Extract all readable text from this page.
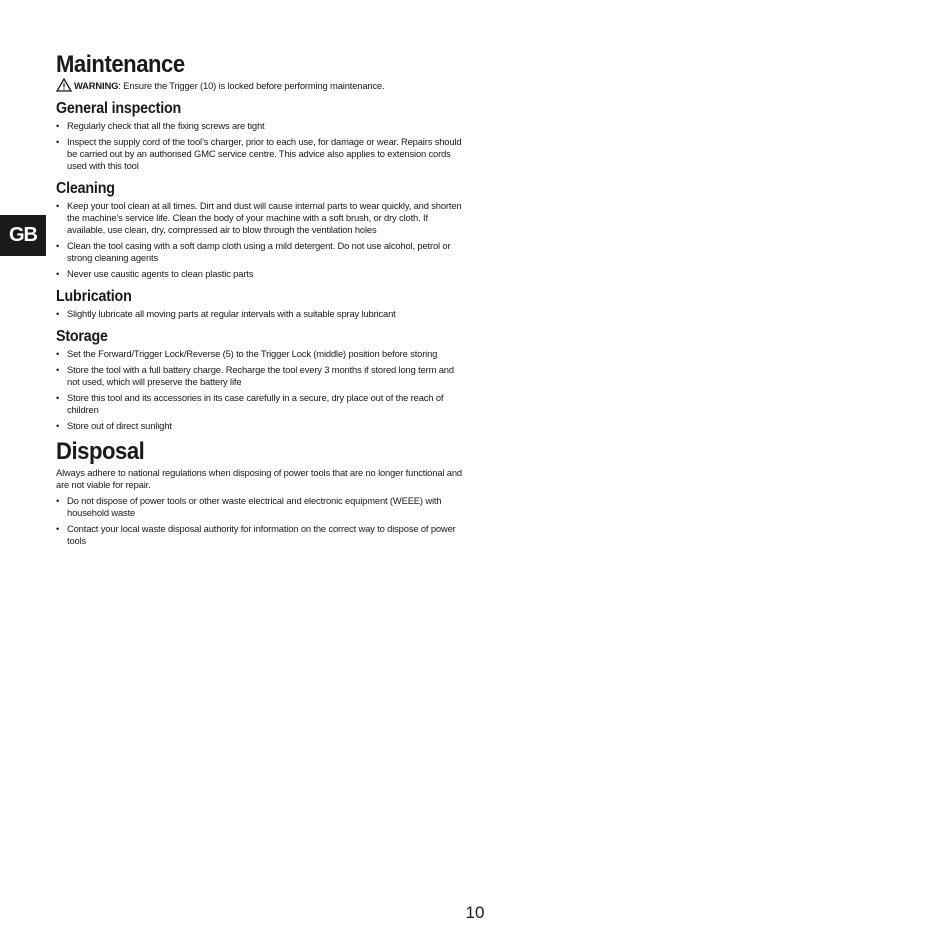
GB
Maintenance

WARNING : Ensure the Trigger (10) is locked before performing maintenance.

General inspection
• Regularly check that all the fixing screws are tight
• Inspect the supply cord of the tool’s charger, prior to each use, for damage or wear. Repairs should be carried out by an authorised GMC service centre. This advice also applies to extension cords used with this tool
Cleaning
• Keep your tool clean at all times. Dirt and dust will cause internal parts to wear quickly, and shorten the machine’s service life. Clean the body of your machine with a soft brush, or dry cloth. If available, use clean, dry, compressed air to blow through the ventilation holes
• Clean the tool casing with a soft damp cloth using a mild detergent. Do not use alcohol, petrol or strong cleaning agents
• Never use caustic agents to clean plastic parts
Lubrication
• Slightly lubricate all moving parts at regular intervals with a suitable spray lubricant
Storage
• Set the Forward/Trigger Lock/Reverse (5) to the Trigger Lock (middle) position before storing
• Store the tool with a full battery charge. Recharge the tool every 3 months if stored long term and not used, which will preserve the battery life
• Store this tool and its accessories in its case carefully in a secure, dry place out of the reach of children
• Store out of direct sunlight
Disposal

Always adhere to national regulations when disposing of power tools that are no longer functional and are not viable for repair.

• Do not dispose of power tools or other waste electrical and electronic equipment (WEEE) with household waste
• Contact your local waste disposal authority for information on the correct way to dispose of power tools
10
